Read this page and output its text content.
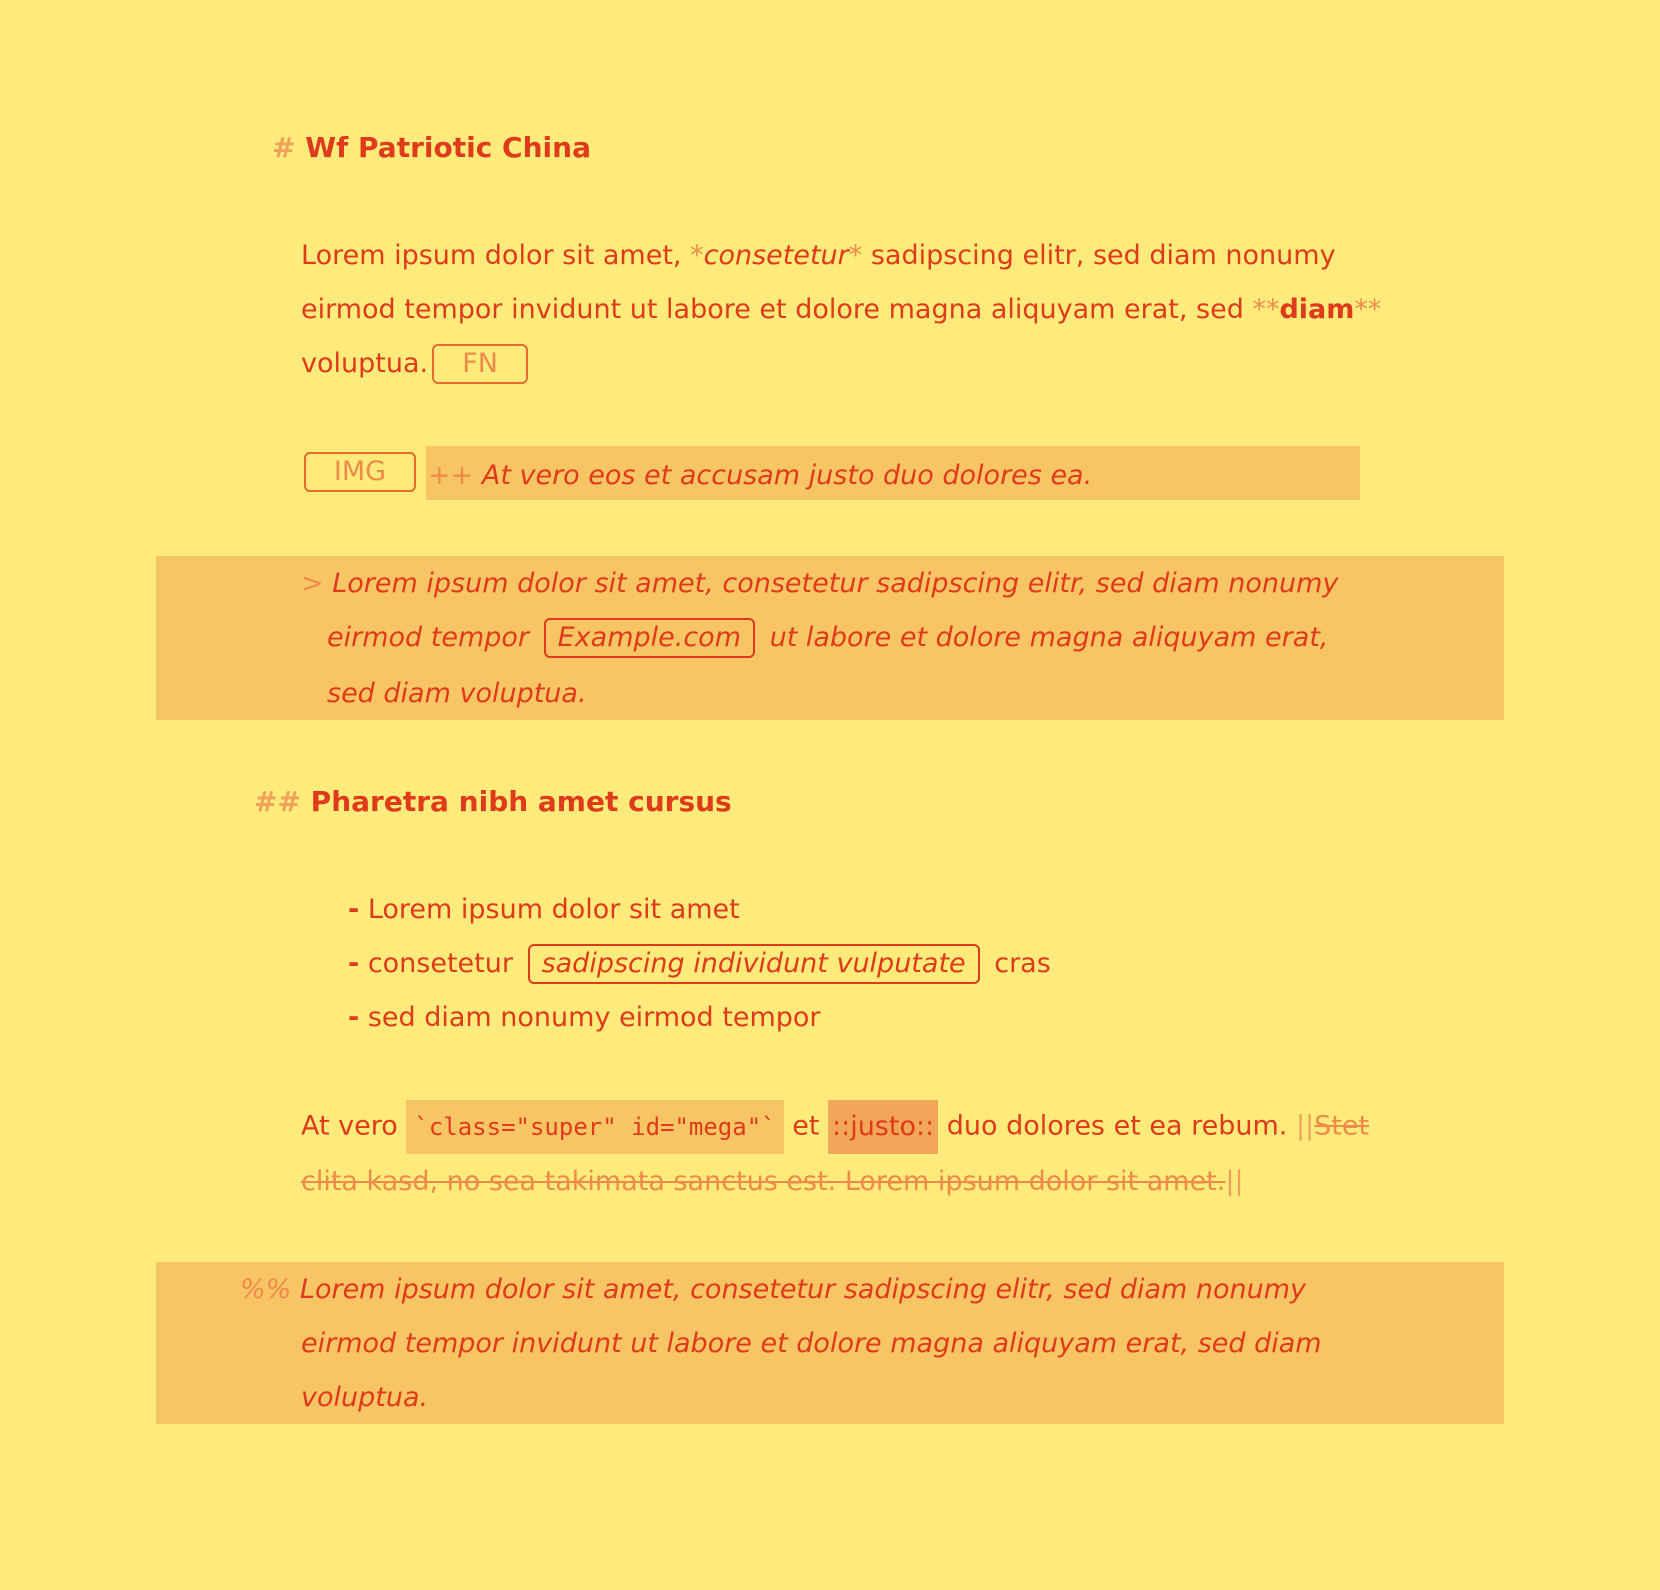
# Wf Patriotic China
Lorem ipsum dolor sit amet, *consetetur* sadipscing elitr, sed diam nonumy
eirmod tempor invidunt ut labore et dolore magna aliquyam erat, sed **diam**
voluptua. FN
IMG	++ At vero eos et accusam justo duo dolores ea.
> Lorem ipsum dolor sit amet, consetetur sadipscing elitr, sed diam nonumy
eirmod tempor Example.com ut labore et dolore magna aliquyam erat,
sed diam voluptua.
## Pharetra nibh amet cursus
- Lorem ipsum dolor sit amet
- consetetur sadipscing individunt vulputate cras
- sed diam nonumy eirmod tempor
At vero `class="super" id="mega"` et ::justo:: duo dolores et ea rebum. ||Stet
clita kasd, no sea takimata sanctus est. Lorem ipsum dolor sit amet.||
%% Lorem ipsum dolor sit amet, consetetur sadipscing elitr, sed diam nonumy
eirmod tempor invidunt ut labore et dolore magna aliquyam erat, sed diam
voluptua.
